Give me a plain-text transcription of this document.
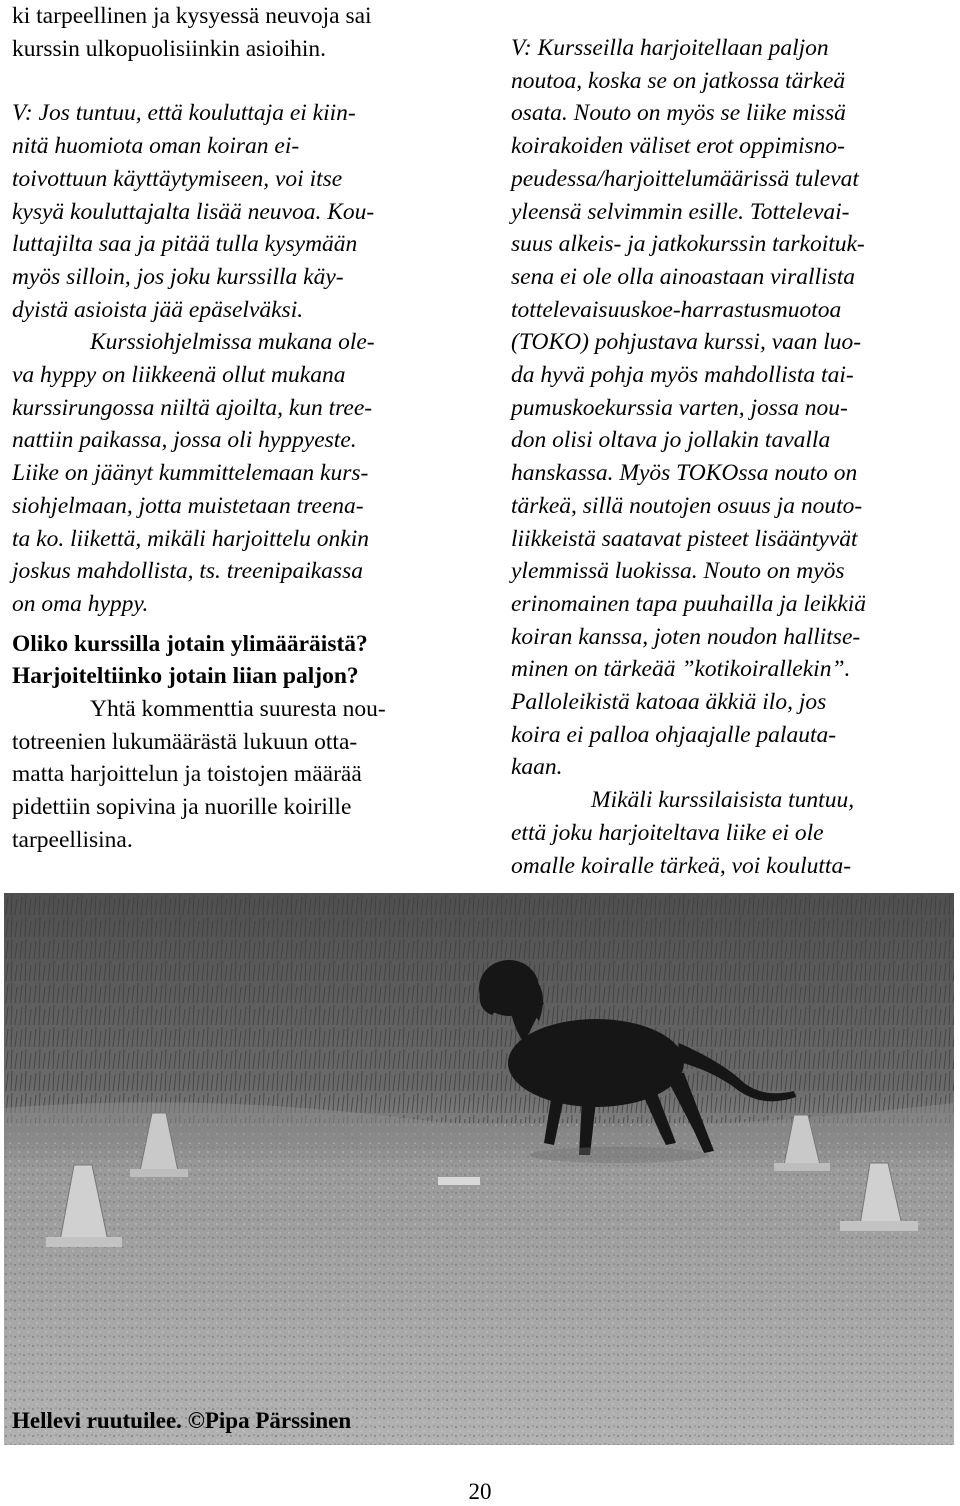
ki tarpeellinen ja kysyessä neuvoja sai

kurssin ulkopuolisiinkin asioihin.

V: Jos tuntuu, että kouluttaja ei kiin-

nitä huomiota oman koiran ei-

toivottuun käyttäytymiseen, voi itse

kysyä kouluttajalta lisää neuvoa. Kou-

luttajilta saa ja pitää tulla kysymään

myös silloin, jos joku kurssilla käy-

dyistä asioista jää epäselväksi.

Kurssiohjelmissa mukana ole-

va hyppy on liikkeenä ollut mukana

kurssirungossa niiltä ajoilta, kun tree-

nattiin paikassa, jossa oli hyppyeste.

Liike on jäänyt kummittelemaan kurs-

siohjelmaan, jotta muistetaan treena-

ta ko. liikettä, mikäli harjoittelu onkin

joskus mahdollista, ts. treenipaikassa

on oma hyppy.

Oliko kurssilla jotain ylimääräistä?

Harjoiteltiinko jotain liian paljon?

Yhtä kommenttia suuresta nou-

totreenien lukumäärästä lukuun otta-

matta harjoittelun ja toistojen määrää

pidettiin sopivina ja nuorille koirille

tarpeellisina.

V: Kursseilla harjoitellaan paljon

noutoa, koska se on jatkossa tärkeä

osata. Nouto on myös se liike missä

koirakoiden väliset erot oppimisno-

peudessa/harjoittelumäärissä tulevat

yleensä selvimmin esille. Tottelevai-

suus alkeis- ja jatkokurssin tarkoituk-

sena ei ole olla ainoastaan virallista

tottelevaisuuskoe-harrastusmuotoa

(TOKO) pohjustava kurssi, vaan luo-

da hyvä pohja myös mahdollista tai-

pumuskoekurssia varten, jossa nou-

don olisi oltava jo jollakin tavalla

hanskassa. Myös TOKOssa nouto on

tärkeä, sillä noutojen osuus ja nouto-

liikkeistä saatavat pisteet lisääntyvät

ylemmissä luokissa. Nouto on myös

erinomainen tapa puuhailla ja leikkiä

koiran kanssa, joten noudon hallitse-

minen on tärkeää ”kotikoirallekin”.

Palloleikistä katoaa äkkiä ilo, jos

koira ei palloa ohjaajalle palauta-

kaan.

Mikäli kurssilaisista tuntuu,

että joku harjoiteltava liike ei ole

omalle koiralle tärkeä, voi koulutta-

Hellevi ruutuilee. ©Pipa Pärssinen
20
